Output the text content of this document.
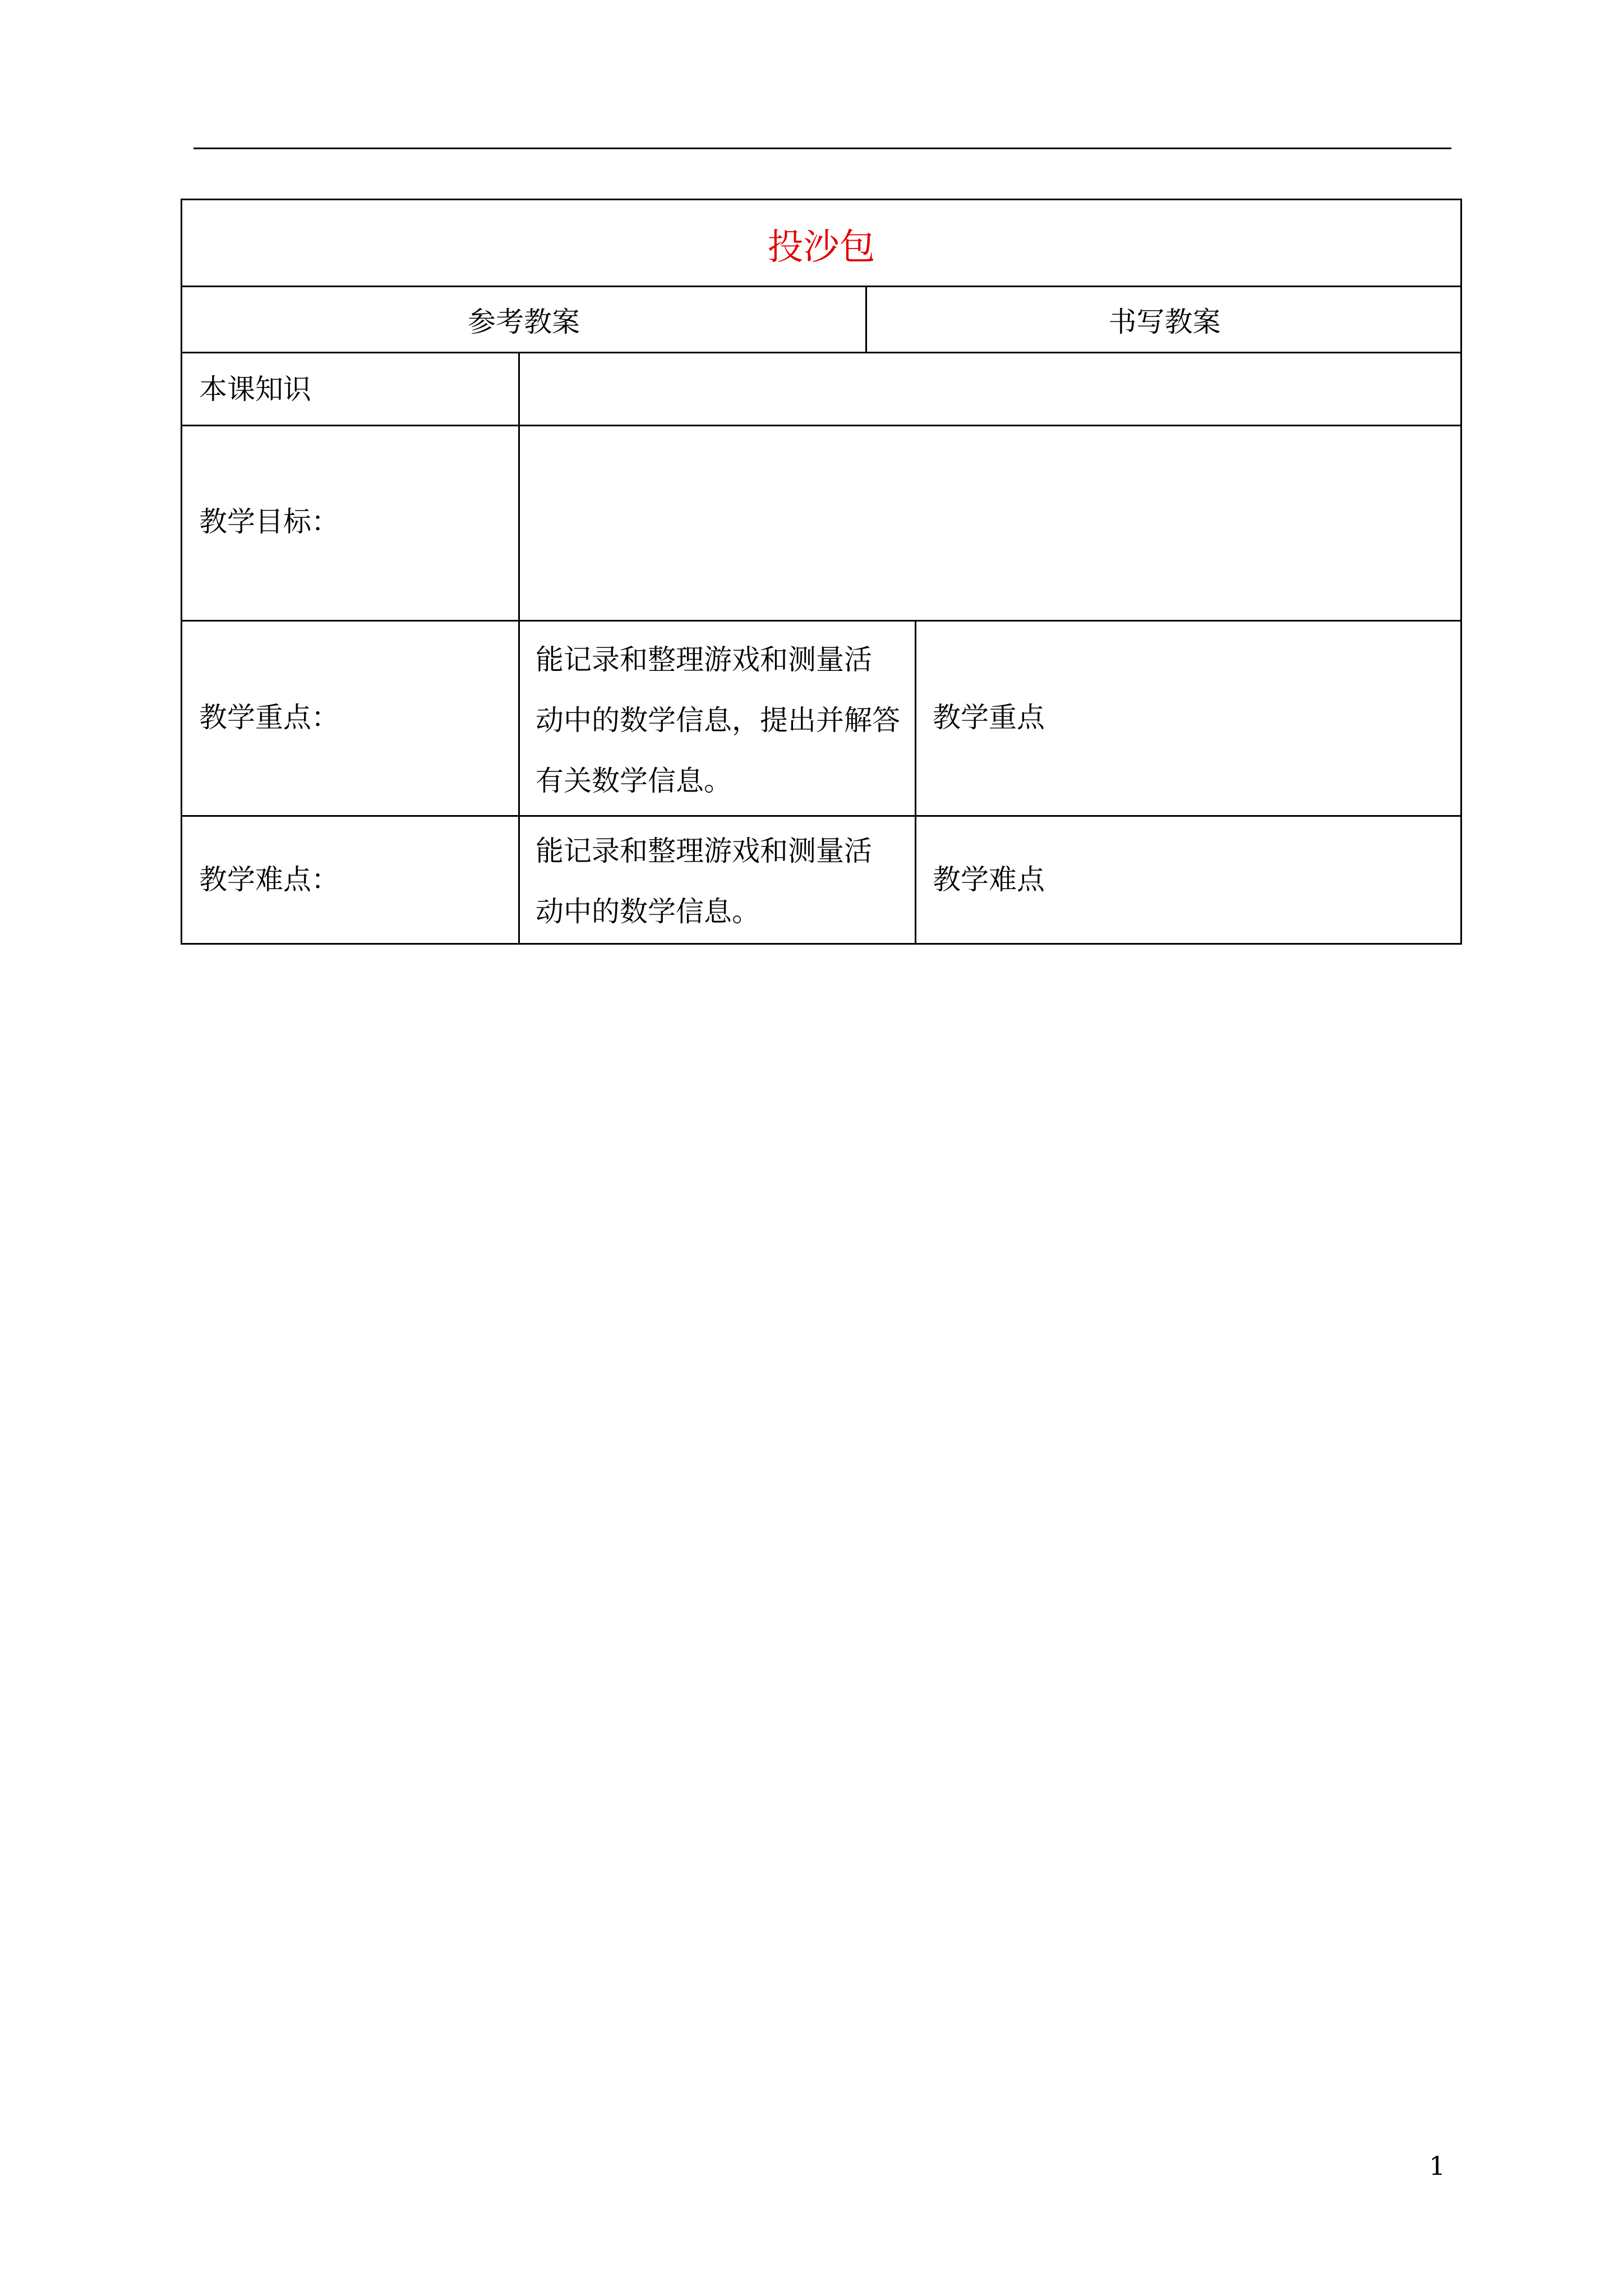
投沙包
参考教案	书写教案
本课知识
教学目标：
教学重点：
能记录和整理游戏和测量活
动中的数学信息，提出并解答
有关数学信息。
教学重点
教学难点：
能记录和整理游戏和测量活
动中的数学信息。
教学难点
1
